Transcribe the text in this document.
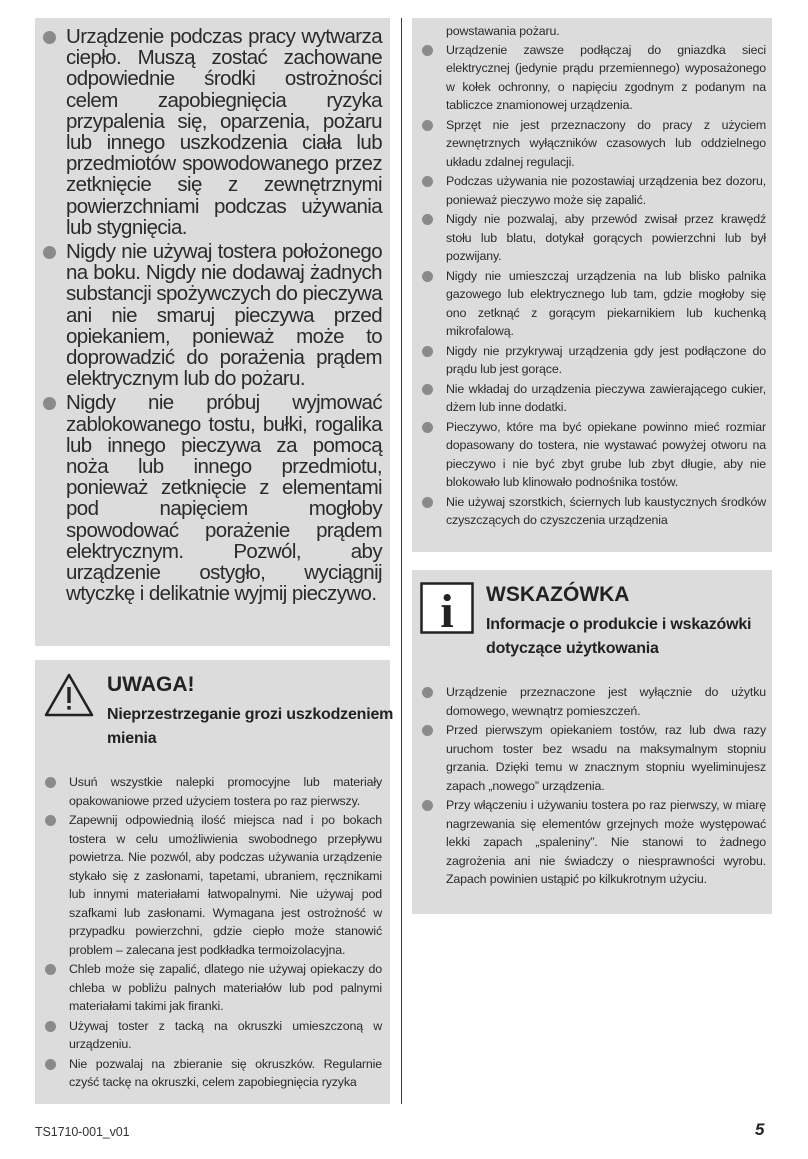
Urządzenie podczas pracy wytwarza ciepło. Muszą zostać zachowane odpowiednie środki ostrożności celem zapobiegnięcia ryzyka przypalenia się, oparzenia, pożaru lub innego uszkodzenia ciała lub przedmiotów spowodowanego przez zetknięcie się z zewnętrznymi powierzchniami podczas używania lub stygnięcia.
Nigdy nie używaj tostera położonego na boku. Nigdy nie dodawaj żadnych substancji spożywczych do pieczywa ani nie smaruj pieczywa przed opiekaniem, ponieważ może to doprowadzić do porażenia prądem elektrycznym lub do pożaru.
Nigdy nie próbuj wyjmować zablokowanego tostu, bułki, rogalika lub innego pieczywa za pomocą noża lub innego przedmiotu, ponieważ zetknięcie z elementami pod napięciem mogłoby spowodować porażenie prądem elektrycznym. Pozwól, aby urządzenie ostygło, wyciągnij wtyczkę i delikatnie wyjmij pieczywo.
UWAGA!
Nieprzestrzeganie grozi uszkodzeniem mienia
Usuń wszystkie nalepki promocyjne lub materiały opakowaniowe przed użyciem tostera po raz pierwszy.
Zapewnij odpowiednią ilość miejsca nad i po bokach tostera w celu umożliwienia swobodnego przepływu powietrza. Nie pozwól, aby podczas używania urządzenie stykało się z zasłonami, tapetami, ubraniem, ręcznikami lub innymi materiałami łatwopalnymi. Nie używaj pod szafkami lub zasłonami. Wymagana jest ostrożność w przypadku powierzchni, gdzie ciepło może stanowić problem – zalecana jest podkładka termoizolacyjna.
Chleb może się zapalić, dlatego nie używaj opiekaczy do chleba w pobliżu palnych materiałów lub pod palnymi materiałami takimi jak firanki.
Używaj toster z tacką na okruszki umieszczoną w urządzeniu.
Nie pozwalaj na zbieranie się okruszków. Regularnie czyść tackę na okruszki, celem zapobiegnięcia ryzyka
powstawania pożaru.
Urządzenie zawsze podłączaj do gniazdka sieci elektrycznej (jedynie prądu przemiennego) wyposażonego w kołek ochronny, o napięciu zgodnym z podanym na tabliczce znamionowej urządzenia.
Sprzęt nie jest przeznaczony do pracy z użyciem zewnętrznych wyłączników czasowych lub oddzielnego układu zdalnej regulacji.
Podczas używania nie pozostawiaj urządzenia bez dozoru, ponieważ pieczywo może się zapalić.
Nigdy nie pozwalaj, aby przewód zwisał przez krawędź stołu lub blatu, dotykał gorących powierzchni lub był pozwijany.
Nigdy nie umieszczaj urządzenia na lub blisko palnika gazowego lub elektrycznego lub tam, gdzie mogłoby się ono zetknąć z gorącym piekarnikiem lub kuchenką mikrofalową.
Nigdy nie przykrywaj urządzenia gdy jest podłączone do prądu lub jest gorące.
Nie wkładaj do urządzenia pieczywa zawierającego cukier, dżem lub inne dodatki.
Pieczywo, które ma być opiekane powinno mieć rozmiar dopasowany do tostera, nie wystawać powyżej otworu na pieczywo i nie być zbyt grube lub zbyt długie, aby nie blokowało lub klinowało podnośnika tostów.
Nie używaj szorstkich, ściernych lub kaustycznych środków czyszczących do czyszczenia urządzenia
i WSKAZÓWKA
Informacje o produkcie i wskazówki dotyczące użytkowania
Urządzenie przeznaczone jest wyłącznie do użytku domowego, wewnątrz pomieszczeń.
Przed pierwszym opiekaniem tostów, raz lub dwa razy uruchom toster bez wsadu na maksymalnym stopniu grzania. Dzięki temu w znacznym stopniu wyeliminujesz zapach „nowego” urządzenia.
Przy włączeniu i używaniu tostera po raz pierwszy, w miarę nagrzewania się elementów grzejnych może występować lekki zapach „spaleniny”. Nie stanowi to żadnego zagrożenia ani nie świadczy o niesprawności wyrobu. Zapach powinien ustąpić po kilkukrotnym użyciu.
TS1710-001_v01	5
